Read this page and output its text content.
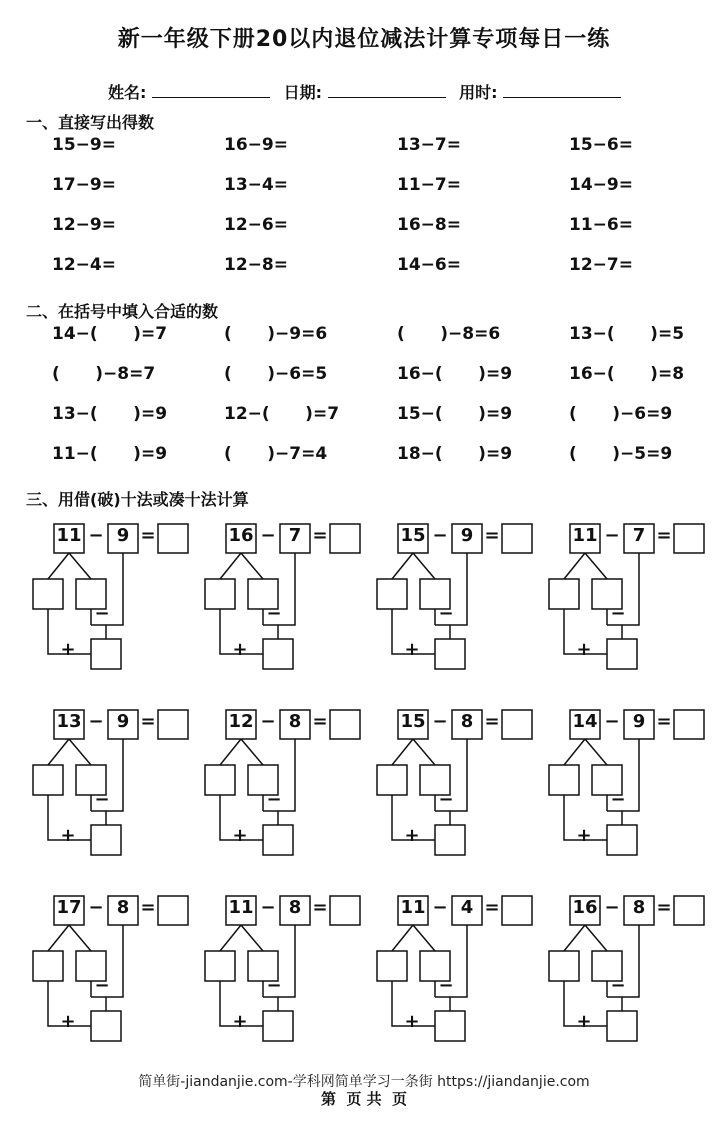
新一年级下册20以内退位减法计算专项每日一练
姓名:	日期:	用时:
一、直接写出得数
15−9=	16−9=	13−7=	15−6=
17−9=	13−4=	11−7=	14−9=
12−9=	12−6=	16−8=	11−6=
12−4=	12−8=	14−6=	12−7=
二、在括号中填入合适的数
14−(      )=7	(      )−9=6	(      )−8=6	13−(      )=5
(      )−8=7	(      )−6=5	16−(      )=9	16−(      )=8
13−(      )=9	12−(      )=7	15−(      )=9	(      )−6=9
11−(      )=9	(      )−7=4	18−(      )=9	(      )−5=9
三、用借(破)十法或凑十法计算
11	9
− =
−
+
16	7
− =
−
+
15	9
− =
−
+
11	7
− =
−
+
13	9
− =
−
+
12	8
− =
−
+
15	8
− =
−
+
14	9
− =
−
+
17	8
− =
−
+
11	8
− =
−
+
11	4
− =
−
+
16	8
− =
−
+
简单街-jiandanjie.com-学科网简单学习一条街 https://jiandanjie.com
第  页 共  页
